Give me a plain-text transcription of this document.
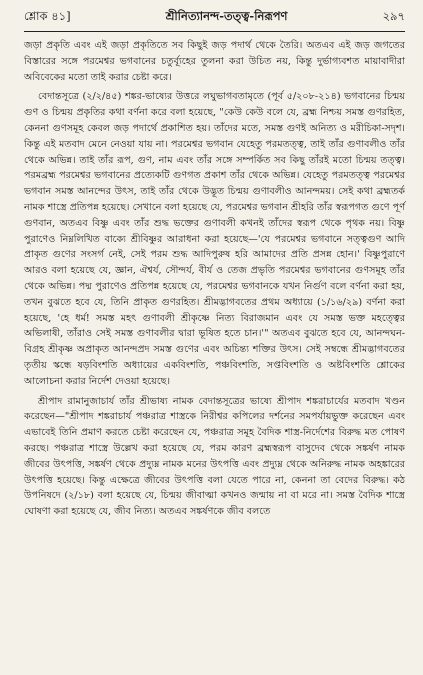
শ্লোক ৪১]	শ্রীনিত্যানন্দ-তত্ত্ব-নিরূপণ	২৯৭

জড়া প্রকৃতি এবং এই জড়া প্রকৃতিতে সব কিছুই জড় পদার্থ থেকে তৈরি। অতএব এই জড় জগতের বিস্তারের সঙ্গে পরমেশ্বর ভগবানের চতুর্ব্যূহের তুলনা করা উচিত নয়, কিন্তু দুর্ভাগ্যবশত মায়াবাদীরা অবিবেকের মতো তাই করার চেষ্টা করে।

বেদান্তসূত্রে (২/২/৪৫) শঙ্কর-ভাষ্যের উত্তরে লঘুভাগবতামৃতে (পূর্ব ৫/২০৮-২১৪) ভগবানের চিন্ময় গুণ ও চিন্ময় প্রকৃতির কথা বর্ণনা করে বলা হয়েছে, "কেউ কেউ বলে যে, ব্রহ্ম নিশ্চয় সমস্ত গুণরহিত, কেননা গুণসমূহ কেবল জড় পদার্থে প্রকাশিত হয়। তাঁদের মতে, সমস্ত গুণই অনিত্য ও মরীচিকা-সদৃশ। কিন্তু এই মতবাদ মেনে নেওয়া যায় না। পরমেশ্বর ভগবান যেহেতু পরমতত্ত্ব, তাই তাঁর গুণাবলীও তাঁর থেকে অভিন্ন। তাই তাঁর রূপ, গুণ, নাম এবং তাঁর সঙ্গে সম্পর্কিত সব কিছু তাঁরই মতো চিন্ময় তত্ত্ব। পরমব্রহ্ম পরমেশ্বর ভগবানের প্রত্যেকটি গুণগত প্রকাশ তাঁর থেকে অভিন্ন। যেহেতু পরমতত্ত্ব পরমেশ্বর ভগবান সমস্ত আনন্দের উৎস, তাই তাঁর থেকে উদ্ভূত চিন্ময় গুণাবলীও আনন্দময়। সেই কথা ব্রহ্মতর্ক নামক শাস্ত্রে প্রতিপন্ন হয়েছে। সেখানে বলা হয়েছে যে, পরমেশ্বর ভগবান শ্রীহরি তাঁর স্বরূপগত গুণে পূর্ণ গুণবান, অতএব বিষ্ণু এবং তাঁর শুদ্ধ ভক্তের গুণাবলী কখনই তাঁদের স্বরূপ থেকে পৃথক নয়। বিষ্ণু পুরাণেও নিম্নলিখিত বাক্যে শ্রীবিষ্ণুর আরাধনা করা হয়েছে—'যে পরমেশ্বর ভগবানে সত্ত্বগুণ আদি প্রাকৃত গুণের সংসর্গ নেই, সেই পরম শুদ্ধ আদিপুরুষ হরি আমাদের প্রতি প্রসন্ন হোন।' বিষ্ণুপুরাণে আরও বলা হয়েছে যে, জ্ঞান, ঐশ্বর্য, সৌন্দর্য, বীর্য ও তেজ প্রভৃতি পরমেশ্বর ভগবানের গুণসমূহ তাঁর থেকে অভিন্ন। পদ্ম পুরাণেও প্রতিপন্ন হয়েছে যে, পরমেশ্বর ভগবানকে যখন নির্গুণ বলে বর্ণনা করা হয়, তখন বুঝতে হবে যে, তিনি প্রাকৃত গুণরহিত। শ্রীমদ্ভাগবতের প্রথম অধ্যায়ে (১/১৬/২৯) বর্ণনা করা হয়েছে, 'হে ধর্ম! সমস্ত মহৎ গুণাবলী শ্রীকৃষ্ণে নিত্য বিরাজমান এবং যে সমস্ত ভক্ত মহত্ত্বের অভিলাষী, তাঁরাও সেই সমস্ত গুণাবলীর দ্বারা ভূষিত হতে চান।'" অতএব বুঝতে হবে যে, আনন্দঘন-বিগ্রহ শ্রীকৃষ্ণ অপ্রাকৃত আনন্দপ্রদ সমস্ত গুণের এবং অচিন্ত্য শক্তির উৎস। সেই সম্বন্ধে শ্রীমদ্ভাগবতের তৃতীয় স্কন্ধে ষড়বিংশতি অধ্যায়ের একবিংশতি, পঞ্চবিংশতি, সপ্তবিংশতি ও অষ্টবিংশতি শ্লোকের আলোচনা করার নির্দেশ দেওয়া হয়েছে।

শ্রীপাদ রামানুজাচার্য তাঁর শ্রীভাষ্য নামক বেদান্তসূত্রের ভাষ্যে শ্রীপাদ শঙ্করাচার্যের মতবাদ খণ্ডন করেছেন—"শ্রীপাদ শঙ্করাচার্য পঞ্চরাত্র শাস্ত্রকে নিরীশ্বর কপিলের দর্শনের সমপর্যায়ভুক্ত করেছেন এবং এভাবেই তিনি প্রমাণ করতে চেষ্টা করেছেন যে, পঞ্চরাত্র সমূহ বৈদিক শাস্ত্র-নির্দেশের বিরুদ্ধ মত পোষণ করছে। পঞ্চরাত্র শাস্ত্রে উল্লেখ করা হয়েছে যে, পরম কারণ ব্রহ্মস্বরূপ বাসুদেব থেকে সঙ্কর্ষণ নামক জীবের উৎপত্তি, সঙ্কর্ষণ থেকে প্রদ্যুম্ন নামক মনের উৎপত্তি এবং প্রদ্যুম্ন থেকে অনিরুদ্ধ নামক অহঙ্কারের উৎপত্তি হয়েছে। কিন্তু এক্ষেত্রে জীবের উৎপত্তি বলা যেতে পারে না, কেননা তা বেদের বিরুদ্ধ। কঠ উপনিষদে (২/১৮) বলা হয়েছে যে, চিন্ময় জীবাত্মা কখনও জন্মায় না বা মরে না। সমস্ত বৈদিক শাস্ত্রে ঘোষণা করা হয়েছে যে, জীব নিত্য। অতএব সঙ্কর্ষণকে জীব বলতে
